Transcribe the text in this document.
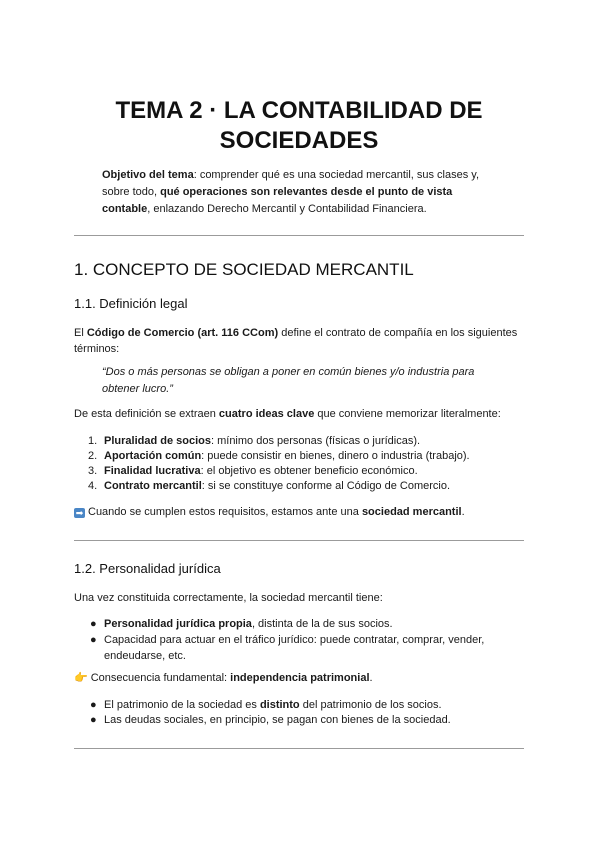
TEMA 2 · LA CONTABILIDAD DE SOCIEDADES
Objetivo del tema: comprender qué es una sociedad mercantil, sus clases y, sobre todo, qué operaciones son relevantes desde el punto de vista contable, enlazando Derecho Mercantil y Contabilidad Financiera.
1. CONCEPTO DE SOCIEDAD MERCANTIL
1.1. Definición legal
El Código de Comercio (art. 116 CCom) define el contrato de compañía en los siguientes términos:
“Dos o más personas se obligan a poner en común bienes y/o industria para obtener lucro.”
De esta definición se extraen cuatro ideas clave que conviene memorizar literalmente:
1. Pluralidad de socios: mínimo dos personas (físicas o jurídicas).
2. Aportación común: puede consistir en bienes, dinero o industria (trabajo).
3. Finalidad lucrativa: el objetivo es obtener beneficio económico.
4. Contrato mercantil: si se constituye conforme al Código de Comercio.
➡ Cuando se cumplen estos requisitos, estamos ante una sociedad mercantil.
1.2. Personalidad jurídica
Una vez constituida correctamente, la sociedad mercantil tiene:
● Personalidad jurídica propia, distinta de la de sus socios.
● Capacidad para actuar en el tráfico jurídico: puede contratar, comprar, vender, endeudarse, etc.
👉 Consecuencia fundamental: independencia patrimonial.
● El patrimonio de la sociedad es distinto del patrimonio de los socios.
● Las deudas sociales, en principio, se pagan con bienes de la sociedad.
